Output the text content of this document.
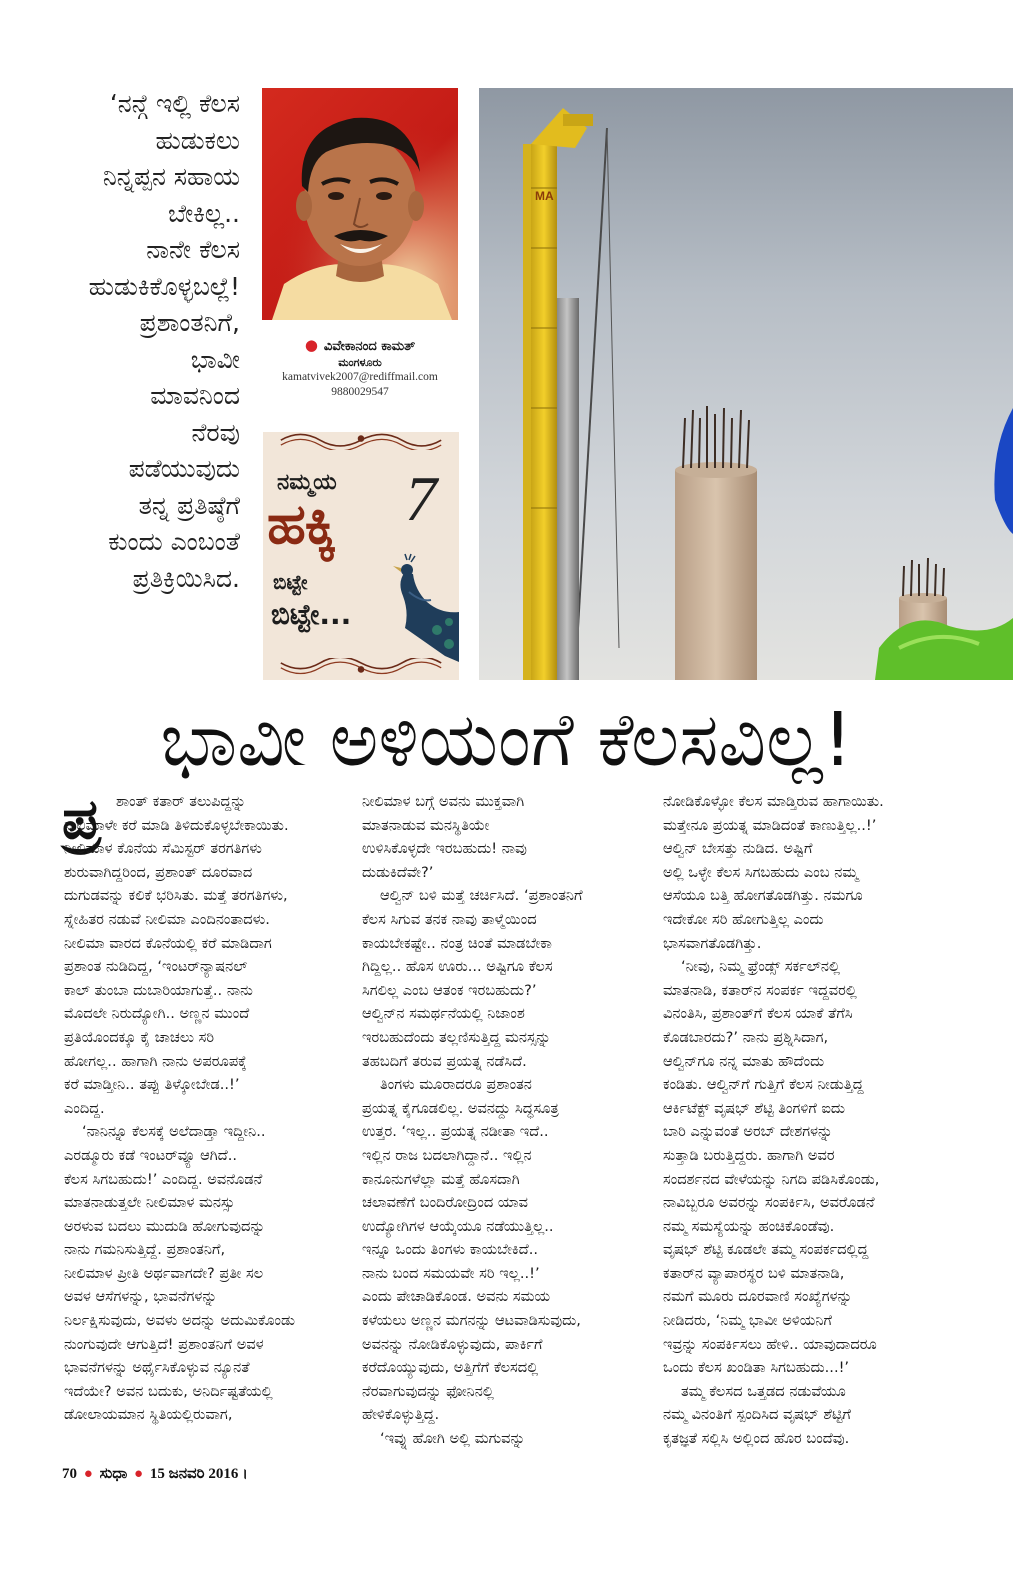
‘ನನ್ಗೆ ಇಲ್ಲಿ ಕೆಲಸ
ಹುಡುಕಲು
ನಿನ್ನಪ್ಪನ ಸಹಾಯ
ಬೇಕಿಲ್ಲ..
ನಾನೇ ಕೆಲಸ
ಹುಡುಕಿಕೊಳ್ಳಬಲ್ಲೆ!
ಪ್ರಶಾಂತನಿಗೆ,
ಭಾವೀ
ಮಾವನಿಂದ
ನೆರವು
ಪಡೆಯುವುದು
ತನ್ನ ಪ್ರತಿಷ್ಠೆಗೆ
ಕುಂದು ಎಂಬಂತೆ
ಪ್ರತಿಕ್ರಿಯಿಸಿದ.
● ವಿವೇಕಾನಂದ ಕಾಮತ್
ಮಂಗಳೂರು
kamatvivek2007@rediffmail.com
9880029547
ನಮ್ಮಯ
ಹಕ್ಕಿ
ಬಿಟ್ಟೇ
ಬಿಟ್ಟೇ...
7
MA
ಭಾವೀ ಅಳಿಯಂಗೆ ಕೆಲಸವಿಲ್ಲ!
ಪ್ರ	ಶಾಂತ್ ಕತಾರ್ ತಲುಪಿದ್ದನ್ನು
ನೀಲಿಮಾಳೇ ಕರೆ ಮಾಡಿ ತಿಳಿದುಕೊಳ್ಳಬೇಕಾಯಿತು.
ನೀಲಿಮಾಳ ಕೊನೆಯ ಸೆಮಿಸ್ಟರ್ ತರಗತಿಗಳು
ಶುರುವಾಗಿದ್ದರಿಂದ, ಪ್ರಶಾಂತ್ ದೂರವಾದ
ದುಗುಡವನ್ನು ಕಲಿಕೆ ಭರಿಸಿತು. ಮತ್ತೆ ತರಗತಿಗಳು,
ಸ್ನೇಹಿತರ ನಡುವೆ ನೀಲಿಮಾ ಎಂದಿನಂತಾದಳು.
ನೀಲಿಮಾ ವಾರದ ಕೊನೆಯಲ್ಲಿ ಕರೆ ಮಾಡಿದಾಗ
ಪ್ರಶಾಂತ ನುಡಿದಿದ್ದ, ‘ಇಂಟರ್‌ನ್ಯಾಷನಲ್
ಕಾಲ್ ತುಂಬಾ ದುಬಾರಿಯಾಗುತ್ತೆ.. ನಾನು
ಮೊದಲೇ ನಿರುದ್ಯೋಗಿ.. ಅಣ್ಣನ ಮುಂದೆ
ಪ್ರತಿಯೊಂದಕ್ಕೂ ಕೈ ಚಾಚಲು ಸರಿ
ಹೋಗಲ್ಲ.. ಹಾಗಾಗಿ ನಾನು ಅಪರೂಪಕ್ಕೆ
ಕರೆ ಮಾಡ್ತೀನಿ.. ತಪ್ಪು ತಿಳ್ಕೋಬೇಡ..!’
ಎಂದಿದ್ದ.
‘ನಾನಿನ್ನೂ ಕೆಲಸಕ್ಕೆ ಅಲೆದಾಡ್ತಾ ಇದ್ದೀನಿ..
ಎರಡ್ಮೂರು ಕಡೆ ಇಂಟರ್‌ವ್ಯೂ ಆಗಿದೆ..
ಕೆಲಸ ಸಿಗಬಹುದು!’ ಎಂದಿದ್ದ. ಅವನೊಡನೆ
ಮಾತನಾಡುತ್ತಲೇ ನೀಲಿಮಾಳ ಮನಸ್ಸು
ಅರಳುವ ಬದಲು ಮುದುಡಿ ಹೋಗುವುದನ್ನು
ನಾನು ಗಮನಿಸುತ್ತಿದ್ದೆ. ಪ್ರಶಾಂತನಿಗೆ,
ನೀಲಿಮಾಳ ಪ್ರೀತಿ ಅರ್ಥವಾಗದೇ? ಪ್ರತೀ ಸಲ
ಅವಳ ಆಸೆಗಳನ್ನು, ಭಾವನೆಗಳನ್ನು
ನಿರ್ಲಕ್ಷಿಸುವುದು, ಅವಳು ಅದನ್ನು ಅದುಮಿಕೊಂಡು
ನುಂಗುವುದೇ ಆಗುತ್ತಿದೆ! ಪ್ರಶಾಂತನಿಗೆ ಅವಳ
ಭಾವನೆಗಳನ್ನು ಅರ್ಥೈಸಿಕೊಳ್ಳುವ ನ್ಯೂನತೆ
ಇದೆಯೇ? ಅವನ ಬದುಕು, ಅನಿರ್ದಿಷ್ಟತೆಯಲ್ಲಿ
ಡೋಲಾಯಮಾನ ಸ್ಥಿತಿಯಲ್ಲಿರುವಾಗ,
ನೀಲಿಮಾಳ ಬಗ್ಗೆ ಅವನು ಮುಕ್ತವಾಗಿ
ಮಾತನಾಡುವ ಮನಸ್ಥಿತಿಯೇ
ಉಳಿಸಿಕೊಳ್ಳದೇ ಇರಬಹುದು! ನಾವು
ದುಡುಕಿದೆವೇ?’
ಆಲ್ವಿನ್ ಬಳಿ ಮತ್ತೆ ಚರ್ಚಿಸಿದೆ. ‘ಪ್ರಶಾಂತನಿಗೆ
ಕೆಲಸ ಸಿಗುವ ತನಕ ನಾವು ತಾಳ್ಮೆಯಿಂದ
ಕಾಯಬೇಕಷ್ಟೇ.. ನಂತ್ರ ಚಿಂತೆ ಮಾಡಬೇಕಾ
ಗಿದ್ದಿಲ್ಲ.. ಹೊಸ ಊರು... ಅಷ್ಟಿಗೂ ಕೆಲಸ
ಸಿಗಲಿಲ್ಲ ಎಂಬ ಆತಂಕ ಇರಬಹುದು?’
ಆಲ್ವಿನ್‌ನ ಸಮರ್ಥನೆಯಲ್ಲಿ ನಿಜಾಂಶ
ಇರಬಹುದೆಂದು ತಲ್ಲಣಿಸುತ್ತಿದ್ದ ಮನಸ್ಸನ್ನು
ತಹಬದಿಗೆ ತರುವ ಪ್ರಯತ್ನ ನಡೆಸಿದೆ.
ತಿಂಗಳು ಮೂರಾದರೂ ಪ್ರಶಾಂತನ
ಪ್ರಯತ್ನ ಕೈಗೂಡಲಿಲ್ಲ. ಅವನದ್ದು ಸಿದ್ಧಸೂತ್ರ
ಉತ್ತರ. ‘ಇಲ್ಲ.. ಪ್ರಯತ್ನ ನಡೀತಾ ಇದೆ..
ಇಲ್ಲಿನ ರಾಜ ಬದಲಾಗಿದ್ದಾನೆ.. ಇಲ್ಲಿನ
ಕಾನೂನುಗಳೆಲ್ಲಾ ಮತ್ತೆ ಹೊಸದಾಗಿ
ಚಲಾವಣೆಗೆ ಬಂದಿರೋದ್ರಿಂದ ಯಾವ
ಉದ್ಯೋಗಿಗಳ ಆಯ್ಕೆಯೂ ನಡೆಯುತ್ತಿಲ್ಲ..
ಇನ್ನೂ ಒಂದು ತಿಂಗಳು ಕಾಯಬೇಕಿದೆ..
ನಾನು ಬಂದ ಸಮಯವೇ ಸರಿ ಇಲ್ಲ..!’
ಎಂದು ಪೇಚಾಡಿಕೊಂಡ. ಅವನು ಸಮಯ
ಕಳೆಯಲು ಅಣ್ಣನ ಮಗನನ್ನು ಆಟವಾಡಿಸುವುದು,
ಅವನನ್ನು ನೋಡಿಕೊಳ್ಳುವುದು, ಪಾರ್ಕಿಗೆ
ಕರೆದೊಯ್ಯುವುದು, ಅತ್ತಿಗೆಗೆ ಕೆಲಸದಲ್ಲಿ
ನೆರವಾಗುವುದನ್ನು ಫೋನಿನಲ್ಲಿ
ಹೇಳಿಕೊಳ್ಳುತ್ತಿದ್ದ.
‘ಇವ್ನು ಹೋಗಿ ಅಲ್ಲಿ ಮಗುವನ್ನು
ನೋಡಿಕೊಳ್ಳೋ ಕೆಲಸ ಮಾಡ್ತಿರುವ ಹಾಗಾಯಿತು.
ಮತ್ತೇನೂ ಪ್ರಯತ್ನ ಮಾಡಿದಂತೆ ಕಾಣುತ್ತಿಲ್ಲ..!’
ಆಲ್ವಿನ್ ಬೇಸತ್ತು ನುಡಿದ. ಅಷ್ಟಿಗೆ
ಅಲ್ಲಿ ಒಳ್ಳೇ ಕೆಲಸ ಸಿಗಬಹುದು ಎಂಬ ನಮ್ಮ
ಆಸೆಯೂ ಬತ್ತಿ ಹೋಗತೊಡಗಿತ್ತು. ನಮಗೂ
ಇದೇಕೋ ಸರಿ ಹೋಗುತ್ತಿಲ್ಲ ಎಂದು
ಭಾಸವಾಗತೊಡಗಿತ್ತು.
‘ನೀವು, ನಿಮ್ಮ ಫ್ರೆಂಡ್ಸ್ ಸರ್ಕಲ್‌ನಲ್ಲಿ
ಮಾತನಾಡಿ, ಕತಾರ್‌ನ ಸಂಪರ್ಕ ಇದ್ದವರಲ್ಲಿ
ವಿನಂತಿಸಿ, ಪ್ರಶಾಂತ್‌ಗೆ ಕೆಲಸ ಯಾಕೆ ತೆಗೆಸಿ
ಕೊಡಬಾರದು?’ ನಾನು ಪ್ರಶ್ನಿಸಿದಾಗ,
ಆಲ್ವಿನ್‌ಗೂ ನನ್ನ ಮಾತು ಹೌದೆಂದು
ಕಂಡಿತು. ಆಲ್ವಿನ್‌ಗೆ ಗುತ್ತಿಗೆ ಕೆಲಸ ನೀಡುತ್ತಿದ್ದ
ಆರ್ಕಿಟೆಕ್ಟ್ ವೃಷಭ್ ಶೆಟ್ಟಿ ತಿಂಗಳಿಗೆ ಐದು
ಬಾರಿ ಎನ್ನುವಂತೆ ಅರಬ್ ದೇಶಗಳನ್ನು
ಸುತ್ತಾಡಿ ಬರುತ್ತಿದ್ದರು. ಹಾಗಾಗಿ ಅವರ
ಸಂದರ್ಶನದ ವೇಳೆಯನ್ನು ನಿಗದಿ ಪಡಿಸಿಕೊಂಡು,
ನಾವಿಬ್ಬರೂ ಅವರನ್ನು ಸಂಪರ್ಕಿಸಿ, ಅವರೊಡನೆ
ನಮ್ಮ ಸಮಸ್ಯೆಯನ್ನು ಹಂಚಿಕೊಂಡೆವು.
ವೃಷಭ್ ಶೆಟ್ಟಿ ಕೂಡಲೇ ತಮ್ಮ ಸಂಪರ್ಕದಲ್ಲಿದ್ದ
ಕತಾರ್‌ನ ವ್ಯಾಪಾರಸ್ಥರ ಬಳಿ ಮಾತನಾಡಿ,
ನಮಗೆ ಮೂರು ದೂರವಾಣಿ ಸಂಖ್ಯೆಗಳನ್ನು
ನೀಡಿದರು, ‘ನಿಮ್ಮ ಭಾವೀ ಅಳಿಯನಿಗೆ
ಇವ್ರನ್ನು ಸಂಪರ್ಕಿಸಲು ಹೇಳಿ.. ಯಾವುದಾದರೂ
ಒಂದು ಕೆಲಸ ಖಂಡಿತಾ ಸಿಗಬಹುದು...!’
ತಮ್ಮ ಕೆಲಸದ ಒತ್ತಡದ ನಡುವೆಯೂ
ನಮ್ಮ ವಿನಂತಿಗೆ ಸ್ಪಂದಿಸಿದ ವೃಷಭ್ ಶೆಟ್ಟಿಗೆ
ಕೃತಜ್ಞತೆ ಸಲ್ಲಿಸಿ ಅಲ್ಲಿಂದ ಹೊರ ಬಂದೆವು.
70 ● ಸುಧಾ ● 15 ಜನವರಿ 2016 ।
